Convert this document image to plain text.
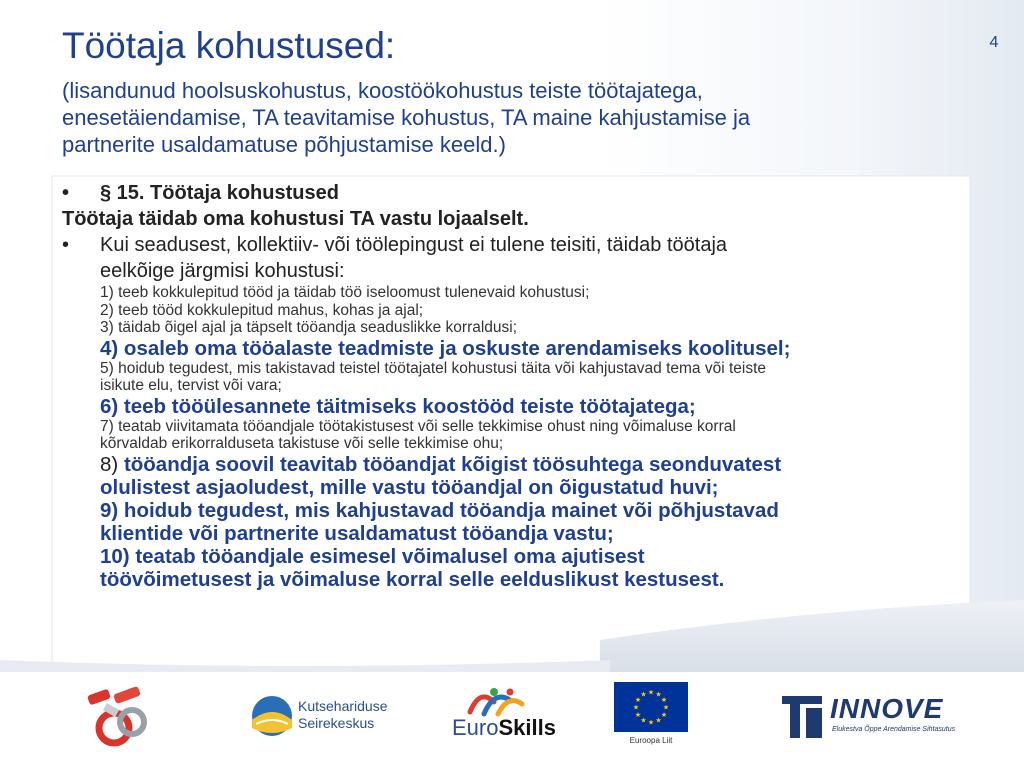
Töötaja kohustused:
(lisandunud hoolsuskohustus, koostöökohustus teiste töötajatega,
enesetäiendamise, TA teavitamise kohustus, TA maine kahjustamise ja
partnerite usaldamatuse põhjustamise keeld.)
4
• § 15. Töötaja kohustused
Töötaja täidab oma kohustusi TA vastu lojaalselt.
• Kui seadusest, kollektiiv- või töölepingust ei tulene teisiti, täidab töötaja
eelkõige järgmisi kohustusi:
1) teeb kokkulepitud tööd ja täidab töö iseloomust tulenevaid kohustusi;
2) teeb tööd kokkulepitud mahus, kohas ja ajal;
3) täidab õigel ajal ja täpselt tööandja seaduslikke korraldusi;
4) osaleb oma tööalaste teadmiste ja oskuste arendamiseks koolitusel;
5) hoidub tegudest, mis takistavad teistel töötajatel kohustusi täita või kahjustavad tema või teiste
isikute elu, tervist või vara;
6) teeb tööülesannete täitmiseks koostööd teiste töötajatega;
7) teatab viivitamata tööandjale töötakistusest või selle tekkimise ohust ning võimaluse korral
kõrvaldab erikorralduseta takistuse või selle tekkimise ohu;
8) tööandja soovil teavitab tööandjat kõigist töösuhtega seonduvatest
olulistest asjaoludest, mille vastu tööandjal on õigustatud huvi;
9) hoidub tegudest, mis kahjustavad tööandja mainet või põhjustavad
klientide või partnerite usaldamatust tööandja vastu;
10) teatab tööandjale esimesel võimalusel oma ajutisest
töövõimetusest ja võimaluse korral selle eelduslikust kestusest.
Kutsehariduse
Seirekeskus	EuroSkills
★ ★
★
★
★
★
★
★
★
★
★
★
Euroopa Liit
INNOVE
Elukestva Õppe Arendamise Sihtasutus
